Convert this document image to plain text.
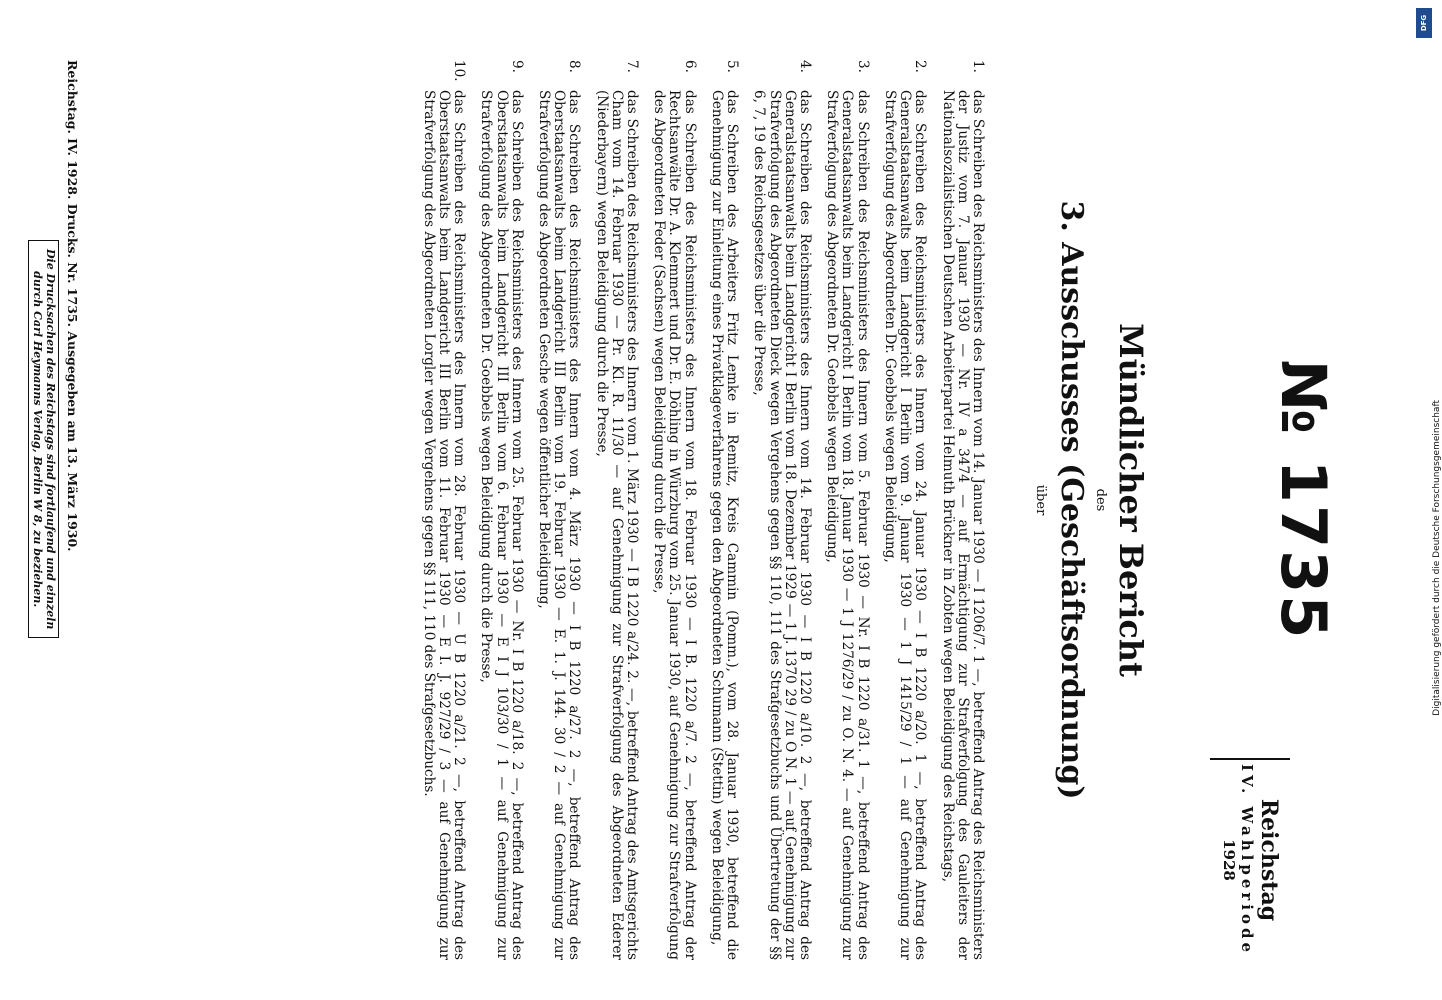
Reichstag
IV. Wahlperiode
1928
№ 1735
Mündlicher Bericht
des
3. Ausschusses (Geschäftsordnung)
über
1.
das Schreiben des Reichsministers des Innern vom 14. Januar 1930 — I 1206/7. 1 —, betreffend Antrag des Reichsministers der Justiz vom 7. Januar 1930 — Nr. IV a 3474 — auf Ermächtigung zur Strafverfolgung des Gauleiters der Nationalsozialistischen Deutschen Arbeiterpartei Helmuth Brückner in Zobten wegen Beleidigung des Reichstags,
2.
das Schreiben des Reichsministers des Innern vom 24. Januar 1930 — I B 1220 a/20. 1 —, betreffend Antrag des Generalstaatsanwalts beim Landgericht I Berlin vom 9. Januar 1930 — 1 J 1415/29 / 1 — auf Genehmigung zur Strafverfolgung des Abgeordneten Dr. Goebbels wegen Beleidigung,
3.
das Schreiben des Reichsministers des Innern vom 5. Februar 1930 — Nr. I B 1220 a/31. 1 —, betreffend Antrag des Generalstaatsanwalts beim Landgericht I Berlin vom 18. Januar 1930 — 1 J 1276/29 / zu O. N. 4. — auf Genehmigung zur Strafverfolgung des Abgeordneten Dr. Goebbels wegen Beleidigung,
4.
das Schreiben des Reichsministers des Innern vom 14. Februar 1930 — I B 1220 a/10. 2 —, betreffend Antrag des Generalstaatsanwalts beim Landgericht I Berlin vom 18. Dezember 1929 — 1 J. 1370 29 / zu O N. 1 — auf Genehmigung zur Strafverfolgung des Abgeordneten Dieck wegen Vergehens gegen §§ 110, 111 des Strafgesetzbuchs und Übertretung der §§ 6, 7, 19 des Reichsgesetzes über die Presse,
5.
das Schreiben des Arbeiters Fritz Lemke in Remitz, Kreis Cammin (Pomm.), vom 28. Januar 1930, betreffend die Genehmigung zur Einleitung eines Privatklageverfahrens gegen den Abgeordneten Schumann (Stettin) wegen Beleidigung,
6.
das Schreiben des Reichsministers des Innern vom 18. Februar 1930 — I B. 1220 a/7. 2 —, betreffend Antrag der Rechtsanwälte Dr. A. Klemmert und Dr. E. Döhling in Würzburg vom 25. Januar 1930, auf Genehmigung zur Strafverfolgung des Abgeordneten Feder (Sachsen) wegen Beleidigung durch die Presse,
7.
das Schreiben des Reichsministers des Innern vom 1. März 1930 — I B 1220 a/24. 2. —, betreffend Antrag des Amtsgerichts Cham vom 14. Februar 1930 — Pr. Kl. R. 11/30 — auf Genehmigung zur Strafverfolgung des Abgeordneten Ederer (Niederbayern) wegen Beleidigung durch die Presse,
8.
das Schreiben des Reichsministers des Innern vom 4. März 1930 — I B 1220 a/27. 2 —, betreffend Antrag des Oberstaatsanwalts beim Landgericht III Berlin vom 19. Februar 1930 — E. 1. J. 144. 30 / 2 — auf Genehmigung zur Strafverfolgung des Abgeordneten Gesche wegen öffentlicher Beleidigung,
9.
das Schreiben des Reichsministers des Innern vom 25. Februar 1930 — Nr. I B 1220 a/18. 2 —, betreffend Antrag des Oberstaatsanwalts beim Landgericht III Berlin vom 6. Februar 1930 — E I J 103/30 / 1 — auf Genehmigung zur Strafverfolgung des Abgeordneten Dr. Goebbels wegen Beleidigung durch die Presse,
10.
das Schreiben des Reichsministers des Innern vom 28. Februar 1930 — U B 1220 a/21. 2 —, betreffend Antrag des Oberstaatsanwalts beim Landgericht III Berlin vom 11. Februar 1930 — E I. J. 927/29 / 3 — auf Genehmigung zur Strafverfolgung des Abgeordneten Lorgler wegen Vergehens gegen §§ 111, 110 des Strafgesetzbuchs.
Reichstag. IV. 1928. Drucks. Nr. 1735. Ausgegeben am 13. März 1930.
Die Drucksachen des Reichstags sind fortlaufend und einzeln
durch Carl Heymanns Verlag, Berlin W 8, zu beziehen.
DFG
Digitalisierung gefördert durch die Deutsche Forschungsgemeinschaft
